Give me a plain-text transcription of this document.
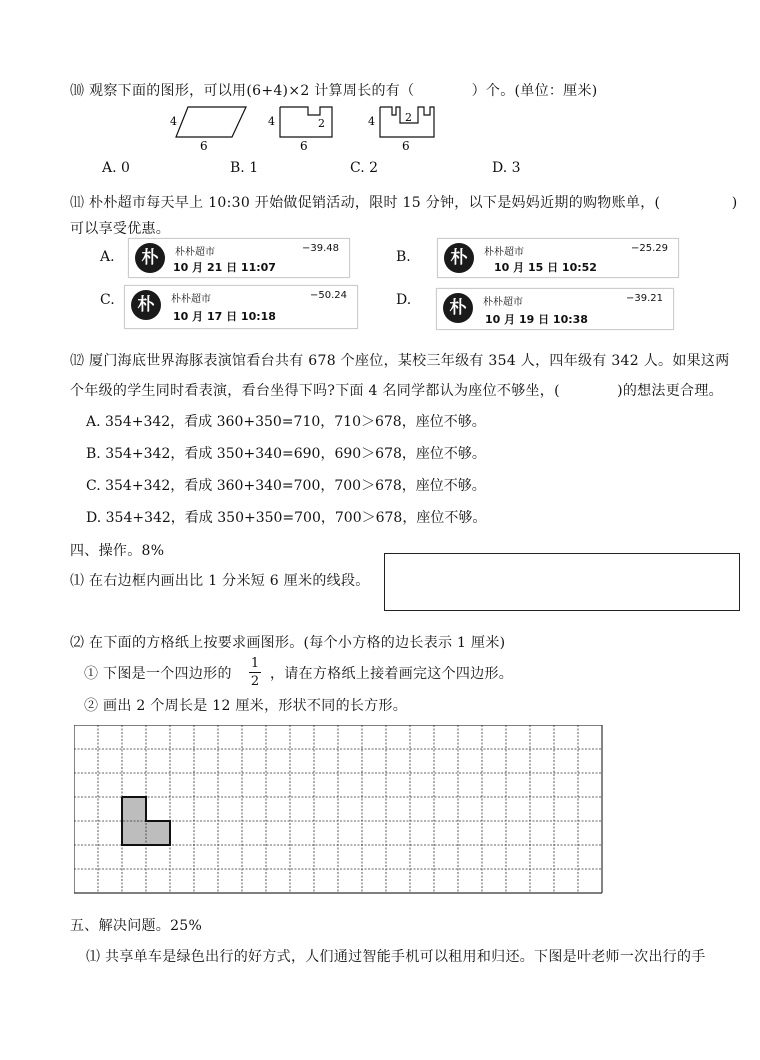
⑽ 观察下面的图形，可以用(6+4)×2 计算周长的有（　　　　）个。(单位：厘米)
4
6
4	2
6
4	2
6
A. 0	B. 1	C. 2	D. 3
⑾ 朴朴超市每天早上 10:30 开始做促销活动，限时 15 分钟，以下是妈妈近期的购物账单，(　　　　　)
可以享受优惠。
A.	朴	朴朴超市	−39.48
10 月 21 日 11:07
B.	朴	朴朴超市	−25.29
10 月 15 日 10:52
C.	朴	朴朴超市	−50.24
10 月 17 日 10:18
D.	朴	朴朴超市	−39.21
10 月 19 日 10:38
⑿ 厦门海底世界海豚表演馆看台共有 678 个座位，某校三年级有 354 人，四年级有 342 人。如果这两
个年级的学生同时看表演，看台坐得下吗?下面 4 名同学都认为座位不够坐，(　　　　)的想法更合理。
A. 354+342，看成 360+350=710，710＞678，座位不够。
B. 354+342，看成 350+340=690，690＞678，座位不够。
C. 354+342，看成 360+340=700，700＞678，座位不够。
D. 354+342，看成 350+350=700，700＞678，座位不够。
四、操作。8%
⑴ 在右边框内画出比 1 分米短 6 厘米的线段。
⑵ 在下面的方格纸上按要求画图形。(每个小方格的边长表示 1 厘米)
① 下图是一个四边形的
1
2 ，请在方格纸上接着画完这个四边形。
② 画出 2 个周长是 12 厘米，形状不同的长方形。
五、解决问题。25%
⑴ 共享单车是绿色出行的好方式，人们通过智能手机可以租用和归还。下图是叶老师一次出行的手
